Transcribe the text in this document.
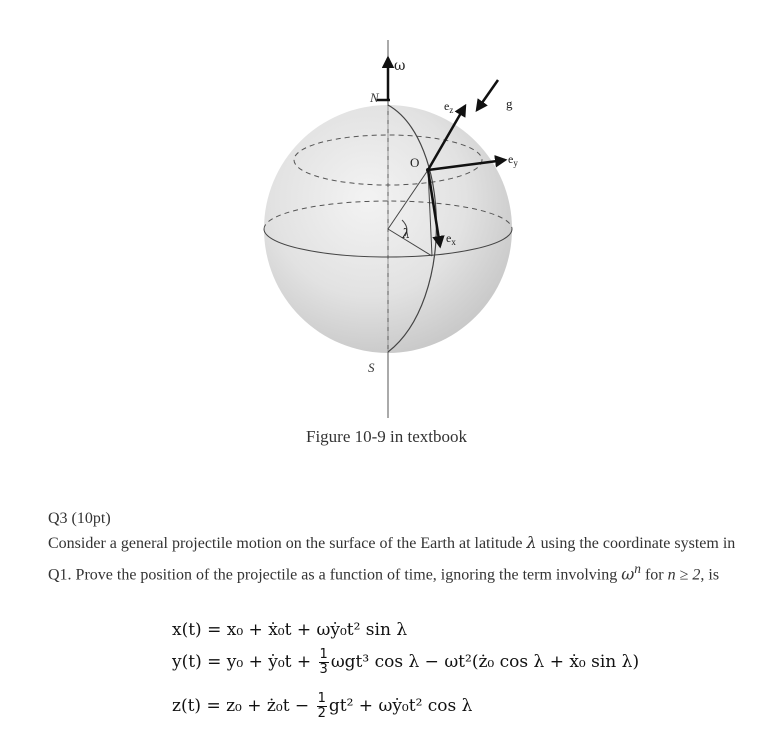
ω
N
S
O
$e_z$
$e_y$
$e_x$
g
λ
Figure 10-9 in textbook
Q3 (10pt)
Consider a general projectile motion on the surface of the Earth at latitude λ using the coordinate system in Q1. Prove the position of the projectile as a function of time, ignoring the term involving $\omega^n$ for n ≥ 2, is
x(t) = x₀ + ẋ₀t + ωẏ₀t² sin λ
y(t) = y₀ + ẏ₀t + $\frac{1}{3} \omega gt^3$ cos λ − ωt²(ż₀ cos λ + ẋ₀ sin λ)
z(t) = z₀ + ż₀t − $\frac{1}{2} gt^2$ + ωẏ₀t² cos λ
